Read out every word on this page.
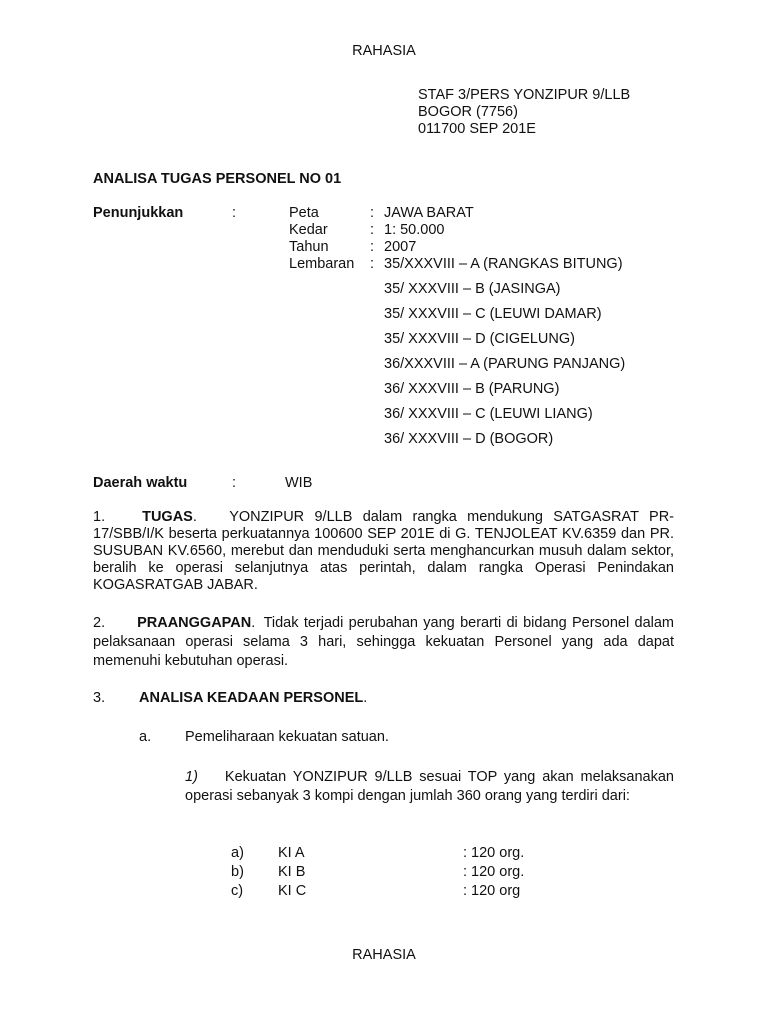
RAHASIA
STAF 3/PERS YONZIPUR 9/LLB
BOGOR (7756)
011700 SEP 201E
ANALISA TUGAS PERSONEL NO 01
Penunjukkan	:	Peta	: JAWA BARAT
Kedar	: 1: 50.000
Tahun	: 2007
Lembaran : 35/XXXVIII – A (RANGKAS BITUNG)
35/ XXXVIII – B (JASINGA)
35/ XXXVIII – C (LEUWI DAMAR)
35/ XXXVIII – D (CIGELUNG)
36/XXXVIII – A (PARUNG PANJANG)
36/ XXXVIII – B (PARUNG)
36/ XXXVIII – C (LEUWI LIANG)
36/ XXXVIII – D (BOGOR)
Daerah waktu	:	WIB
1.	TUGAS. YONZIPUR 9/LLB dalam rangka mendukung SATGASRAT PR-17/SBB/I/K beserta perkuatannya 100600 SEP 201E di G. TENJOLEAT KV.6359 dan PR. SUSUBAN KV.6560, merebut dan menduduki serta menghancurkan musuh dalam sektor, beralih ke operasi selanjutnya atas perintah, dalam rangka Operasi Penindakan KOGASRATGAB JABAR.
2. PRAANGGAPAN. Tidak terjadi perubahan yang berarti di bidang Personel dalam pelaksanaan operasi selama 3 hari, sehingga kekuatan Personel yang ada dapat memenuhi kebutuhan operasi.
3. ANALISA KEADAAN PERSONEL.
a. Pemeliharaan kekuatan satuan.
1) Kekuatan YONZIPUR 9/LLB sesuai TOP yang akan melaksanakan operasi sebanyak 3 kompi dengan jumlah 360 orang yang terdiri dari:
a) KI A	: 120 org.
b) KI B	: 120 org.
c) KI C	: 120 org
RAHASIA
